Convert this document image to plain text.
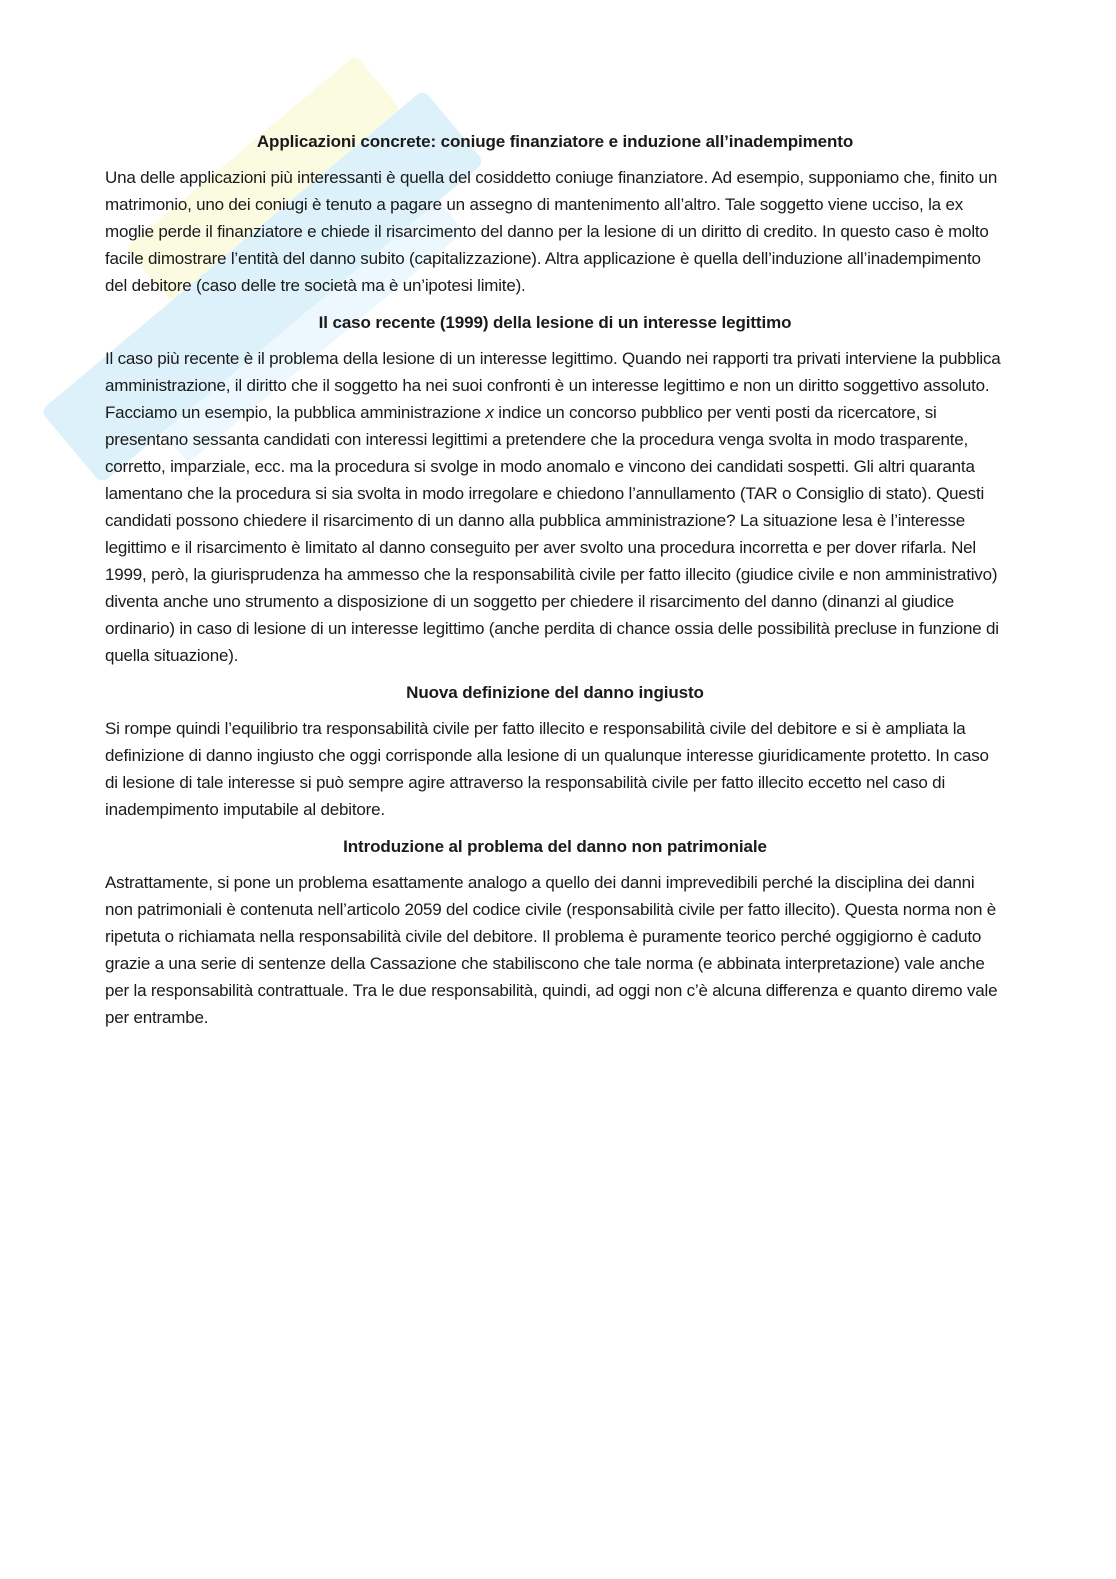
Applicazioni concrete: coniuge finanziatore e induzione all’inadempimento

Una delle applicazioni più interessanti è quella del cosiddetto coniuge finanziatore. Ad esempio, supponiamo che, finito un matrimonio, uno dei coniugi è tenuto a pagare un assegno di mantenimento all’altro. Tale soggetto viene ucciso, la ex moglie perde il finanziatore e chiede il risarcimento del danno per la lesione di un diritto di credito. In questo caso è molto facile dimostrare l’entità del danno subito (capitalizzazione). Altra applicazione è quella dell’induzione all’inadempimento del debitore (caso delle tre società ma è un’ipotesi limite).

Il caso recente (1999) della lesione di un interesse legittimo

Il caso più recente è il problema della lesione di un interesse legittimo. Quando nei rapporti tra privati interviene la pubblica amministrazione, il diritto che il soggetto ha nei suoi confronti è un interesse legittimo e non un diritto soggettivo assoluto. Facciamo un esempio, la pubblica amministrazione x indice un concorso pubblico per venti posti da ricercatore, si presentano sessanta candidati con interessi legittimi a pretendere che la procedura venga svolta in modo trasparente, corretto, imparziale, ecc. ma la procedura si svolge in modo anomalo e vincono dei candidati sospetti. Gli altri quaranta lamentano che la procedura si sia svolta in modo irregolare e chiedono l’annullamento (TAR o Consiglio di stato). Questi candidati possono chiedere il risarcimento di un danno alla pubblica amministrazione? La situazione lesa è l’interesse legittimo e il risarcimento è limitato al danno conseguito per aver svolto una procedura incorretta e per dover rifarla. Nel 1999, però, la giurisprudenza ha ammesso che la responsabilità civile per fatto illecito (giudice civile e non amministrativo) diventa anche uno strumento a disposizione di un soggetto per chiedere il risarcimento del danno (dinanzi al giudice ordinario) in caso di lesione di un interesse legittimo (anche perdita di chance ossia delle possibilità precluse in funzione di quella situazione).

Nuova definizione del danno ingiusto

Si rompe quindi l’equilibrio tra responsabilità civile per fatto illecito e responsabilità civile del debitore e si è ampliata la definizione di danno ingiusto che oggi corrisponde alla lesione di un qualunque interesse giuridicamente protetto. In caso di lesione di tale interesse si può sempre agire attraverso la responsabilità civile per fatto illecito eccetto nel caso di inadempimento imputabile al debitore.

Introduzione al problema del danno non patrimoniale

Astrattamente, si pone un problema esattamente analogo a quello dei danni imprevedibili perché la disciplina dei danni non patrimoniali è contenuta nell’articolo 2059 del codice civile (responsabilità civile per fatto illecito). Questa norma non è ripetuta o richiamata nella responsabilità civile del debitore. Il problema è puramente teorico perché oggigiorno è caduto grazie a una serie di sentenze della Cassazione che stabiliscono che tale norma (e abbinata interpretazione) vale anche per la responsabilità contrattuale. Tra le due responsabilità, quindi, ad oggi non c’è alcuna differenza e quanto diremo vale per entrambe.
